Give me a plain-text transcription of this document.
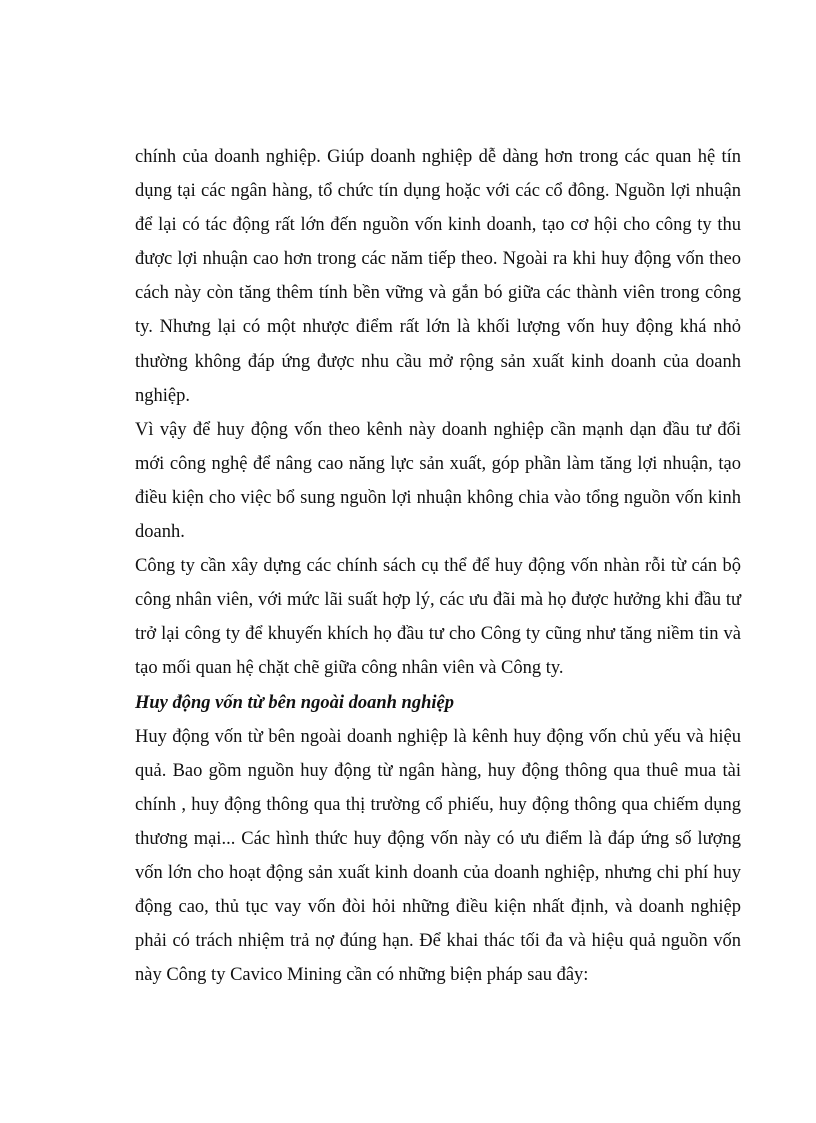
chính của doanh nghiệp. Giúp doanh nghiệp dễ dàng hơn trong các quan hệ tín dụng tại các ngân hàng, tổ chức tín dụng hoặc với các cổ đông. Nguồn lợi nhuận để lại có tác động rất lớn đến nguồn vốn kinh doanh, tạo cơ hội cho công ty thu được lợi nhuận cao hơn trong các năm tiếp theo. Ngoài ra khi huy động vốn theo cách này còn tăng thêm tính bền vững và gắn bó giữa các thành viên trong công ty. Nhưng lại có một nhược điểm rất lớn là khối lượng vốn huy động khá nhỏ thường không đáp ứng được nhu cầu mở rộng sản xuất kinh doanh của doanh nghiệp.

Vì vậy để huy động vốn theo kênh này doanh nghiệp cần mạnh dạn đầu tư đổi mới công nghệ để nâng cao năng lực sản xuất, góp phần làm tăng lợi nhuận, tạo điều kiện cho việc bổ sung nguồn lợi nhuận không chia vào tổng nguồn vốn kinh doanh.

Công ty cần xây dựng các chính sách cụ thể để huy động vốn nhàn rỗi từ cán bộ công nhân viên, với mức lãi suất hợp lý, các ưu đãi mà họ được hưởng khi đầu tư trở lại công ty để khuyến khích họ đầu tư cho Công ty cũng như tăng niềm tin và tạo mối quan hệ chặt chẽ giữa công nhân viên và Công ty.

Huy động vốn từ bên ngoài doanh nghiệp

Huy động vốn từ bên ngoài doanh nghiệp là kênh huy động vốn chủ yếu và hiệu quả. Bao gồm nguồn huy động từ ngân hàng, huy động thông qua thuê mua tài chính , huy động thông qua thị trường cổ phiếu, huy động thông qua chiếm dụng thương mại... Các hình thức huy động vốn này có ưu điểm là đáp ứng số lượng vốn lớn cho hoạt động sản xuất kinh doanh của doanh nghiệp, nhưng chi phí huy động cao, thủ tục vay vốn đòi hỏi những điều kiện nhất định, và doanh nghiệp phải có trách nhiệm trả nợ đúng hạn. Để khai thác tối đa và hiệu quả nguồn vốn này Công ty Cavico Mining cần có những biện pháp sau đây:
